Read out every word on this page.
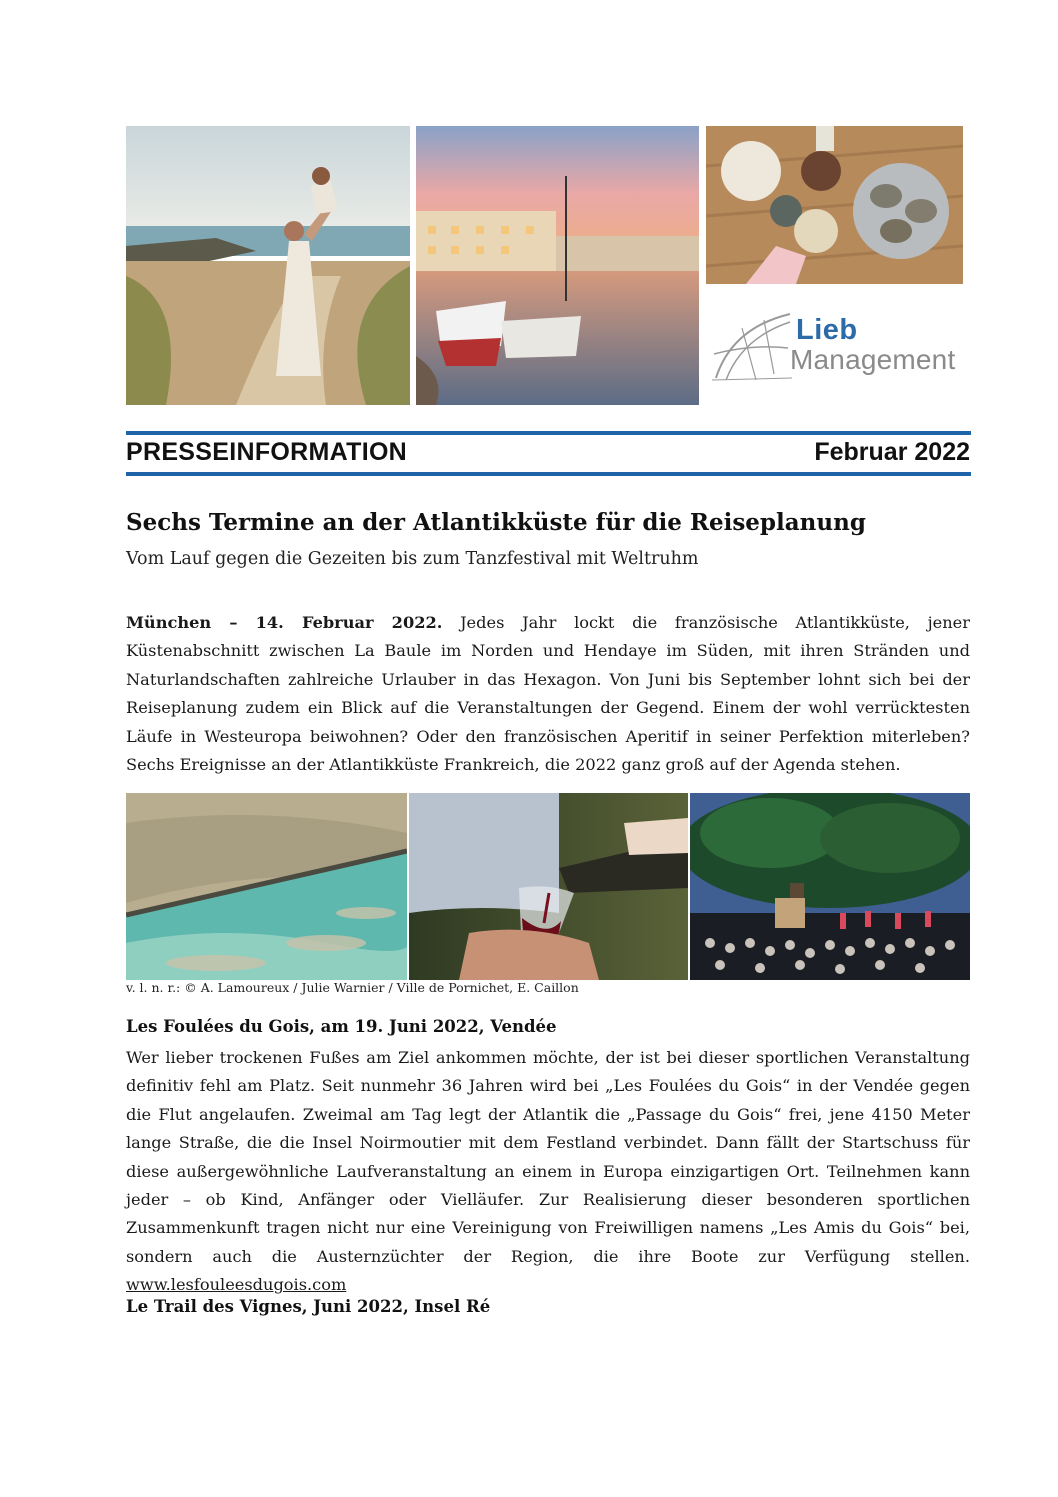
Lieb
Management
PRESSEINFORMATION	Februar 2022
Sechs Termine an der Atlantikküste für die Reiseplanung
Vom Lauf gegen die Gezeiten bis zum Tanzfestival mit Weltruhm

München – 14. Februar 2022. Jedes Jahr lockt die französische Atlantikküste, jener Küstenabschnitt zwischen La Baule im Norden und Hendaye im Süden, mit ihren Stränden und Naturlandschaften zahlreiche Urlauber in das Hexagon. Von Juni bis September lohnt sich bei der Reiseplanung zudem ein Blick auf die Veranstaltungen der Gegend. Einem der wohl verrücktesten Läufe in Westeuropa beiwohnen? Oder den französischen Aperitif in seiner Perfektion miterleben? Sechs Ereignisse an der Atlantikküste Frankreich, die 2022 ganz groß auf der Agenda stehen.

v. l. n. r.: © A. Lamoureux / Julie Warnier / Ville de Pornichet, E. Caillon
Les Foulées du Gois, am 19. Juni 2022, Vendée

Wer lieber trockenen Fußes am Ziel ankommen möchte, der ist bei dieser sportlichen Veranstaltung definitiv fehl am Platz. Seit nunmehr 36 Jahren wird bei „Les Foulées du Gois“ in der Vendée gegen die Flut angelaufen. Zweimal am Tag legt der Atlantik die „Passage du Gois“ frei, jene 4150 Meter lange Straße, die die Insel Noirmoutier mit dem Festland verbindet. Dann fällt der Startschuss für diese außergewöhnliche Laufveranstaltung an einem in Europa einzigartigen Ort. Teilnehmen kann jeder – ob Kind, Anfänger oder Vielläufer. Zur Realisierung dieser besonderen sportlichen Zusammenkunft tragen nicht nur eine Vereinigung von Freiwilligen namens „Les Amis du Gois“ bei, sondern auch die Austernzüchter der Region, die ihre Boote zur Verfügung stellen. www.lesfouleesdugois.com

Le Trail des Vignes, Juni 2022, Insel Ré
